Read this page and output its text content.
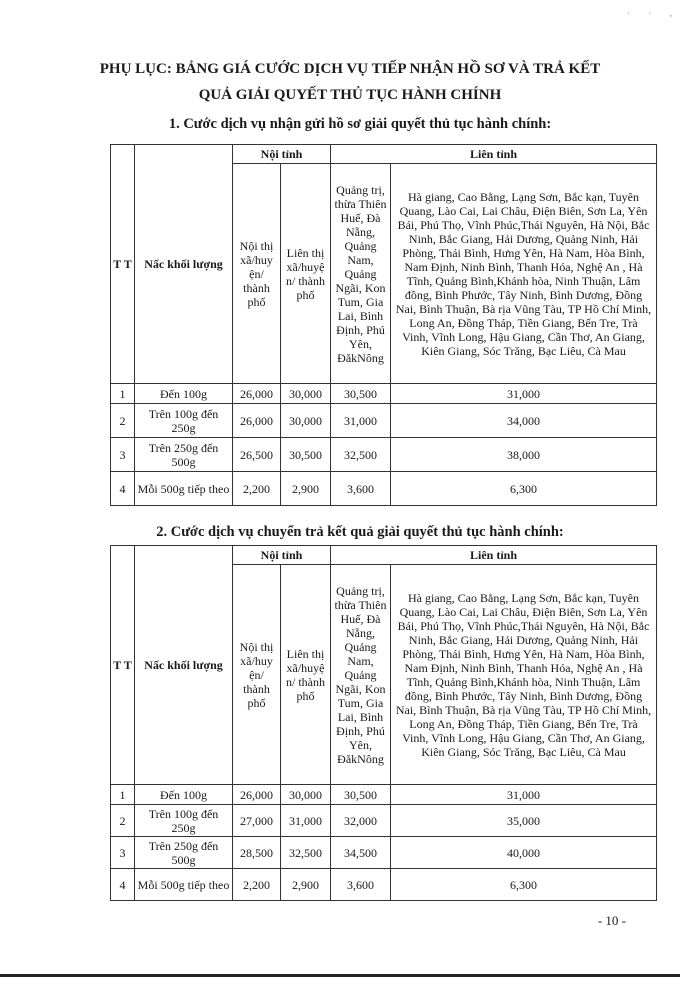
· · ,
PHỤ LỤC: BẢNG GIÁ CƯỚC DỊCH VỤ TIẾP NHẬN HỒ SƠ VÀ TRẢ KẾT
QUẢ GIẢI QUYẾT THỦ TỤC HÀNH CHÍNH
1. Cước dịch vụ nhận gửi hồ sơ giải quyết thủ tục hành chính:
T T	Nấc khối lượng	Nội tỉnh		Liên tỉnh	
		Nội thị xã/huy ện/ thành phố	Liên thị xã/huyệ n/ thành phố	Quảng trị, thừa Thiên Huế, Đà Nẵng, Quảng Nam, Quảng Ngãi, Kon Tum, Gia Lai, Bình Định, Phú Yên, ĐăkNông	Hà giang, Cao Bằng, Lạng Sơn, Bắc kạn, Tuyên Quang, Lào Cai, Lai Châu, Điện Biên, Sơn La, Yên Bái, Phú Thọ, Vĩnh Phúc,Thái Nguyên, Hà Nội, Bắc Ninh, Bắc Giang, Hải Dương, Quảng Ninh, Hải Phòng, Thái Bình, Hưng Yên, Hà Nam, Hòa Bình, Nam Định, Ninh Bình, Thanh Hóa, Nghệ An , Hà Tĩnh, Quảng Bình,Khánh hòa, Ninh Thuận, Lâm đồng, Bình Phước, Tây Ninh, Bình Dương, Đồng Nai, Bình Thuận, Bà rịa Vũng Tàu, TP Hồ Chí Minh, Long An, Đồng Tháp, Tiền Giang, Bến Tre, Trà Vinh, Vĩnh Long, Hậu Giang, Cần Thơ, An Giang, Kiên Giang, Sóc Trăng, Bạc Liêu, Cà Mau
1	Đến 100g	26,000	30,000	30,500	31,000
2	Trên 100g đến 250g	26,000	30,000	31,000	34,000
3	Trên 250g đến 500g	26,500	30,500	32,500	38,000
4	Mỗi 500g tiếp theo	2,200	2,900	3,600	6,300
2. Cước dịch vụ chuyển trả kết quả giải quyết thủ tục hành chính:
T T	Nấc khối lượng	Nội tỉnh		Liên tỉnh	
		Nội thị xã/huy ện/ thành phố	Liên thị xã/huyệ n/ thành phố	Quảng trị, thừa Thiên Huế, Đà Nẵng, Quảng Nam, Quảng Ngãi, Kon Tum, Gia Lai, Bình Định, Phú Yên, ĐăkNông	Hà giang, Cao Bằng, Lạng Sơn, Bắc kạn, Tuyên Quang, Lào Cai, Lai Châu, Điện Biên, Sơn La, Yên Bái, Phú Thọ, Vĩnh Phúc,Thái Nguyên, Hà Nội, Bắc Ninh, Bắc Giang, Hải Dương, Quảng Ninh, Hải Phòng, Thái Bình, Hưng Yên, Hà Nam, Hòa Bình, Nam Định, Ninh Bình, Thanh Hóa, Nghệ An , Hà Tĩnh, Quảng Bình,Khánh hòa, Ninh Thuận, Lâm đồng, Bình Phước, Tây Ninh, Bình Dương, Đồng Nai, Bình Thuận, Bà rịa Vũng Tàu, TP Hồ Chí Minh, Long An, Đồng Tháp, Tiền Giang, Bến Tre, Trà Vinh, Vĩnh Long, Hậu Giang, Cần Thơ, An Giang, Kiên Giang, Sóc Trăng, Bạc Liêu, Cà Mau
1	Đến 100g	26,000	30,000	30,500	31,000
2	Trên 100g đến 250g	27,000	31,000	32,000	35,000
3	Trên 250g đến 500g	28,500	32,500	34,500	40,000
4	Mỗi 500g tiếp theo	2,200	2,900	3,600	6,300
- 10 -
